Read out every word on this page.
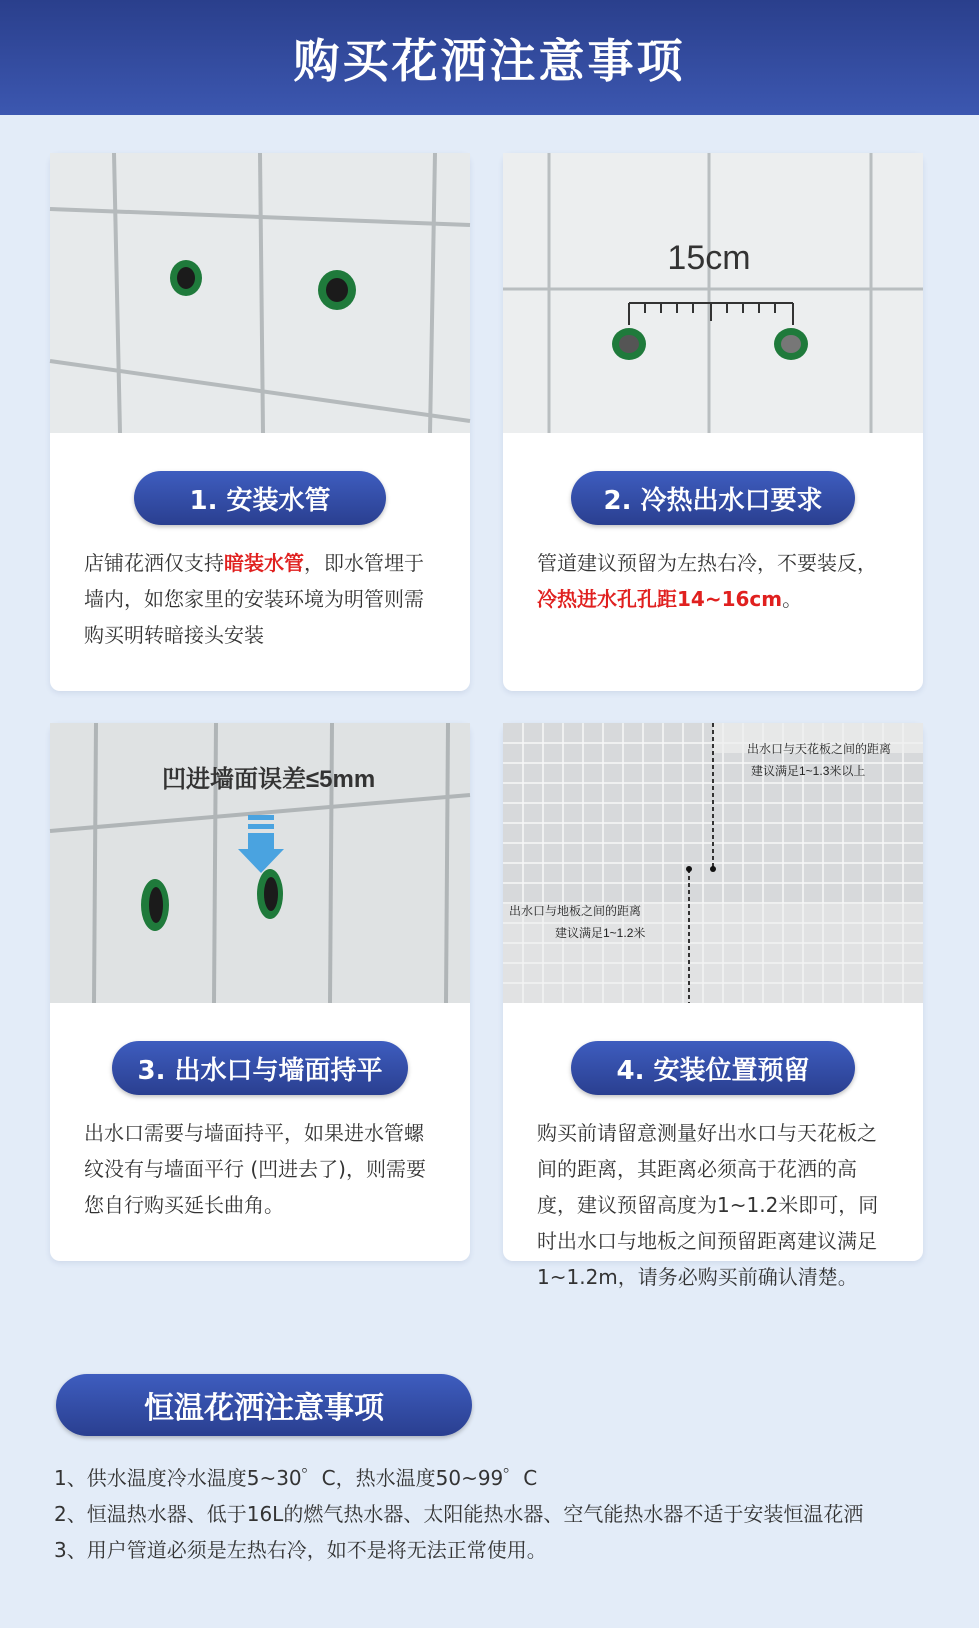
购买花洒注意事项
1. 安装水管

店铺花洒仅支持暗装水管，即水管埋于墙内，如您家里的安装环境为明管则需购买明转暗接头安装

15cm
2. 冷热出水口要求

管道建议预留为左热右冷，不要装反，冷热进水孔孔距14~16cm。

凹进墙面误差≤5mm
3. 出水口与墙面持平

出水口需要与墙面持平，如果进水管螺纹没有与墙面平行 (凹进去了)，则需要您自行购买延长曲角。

出水口与天花板之间的距离
建议满足1~1.3米以上
出水口与地板之间的距离
建议满足1~1.2米
4. 安装位置预留

购买前请留意测量好出水口与天花板之间的距离，其距离必须高于花洒的高度，建议预留高度为1~1.2米即可，同时出水口与地板之间预留距离建议满足1~1.2m，请务必购买前确认清楚。

恒温花洒注意事项
1、供水温度冷水温度5~30゜C，热水温度50~99゜C
2、恒温热水器、低于16L的燃气热水器、太阳能热水器、空气能热水器不适于安装恒温花洒
3、用户管道必须是左热右冷，如不是将无法正常使用。
